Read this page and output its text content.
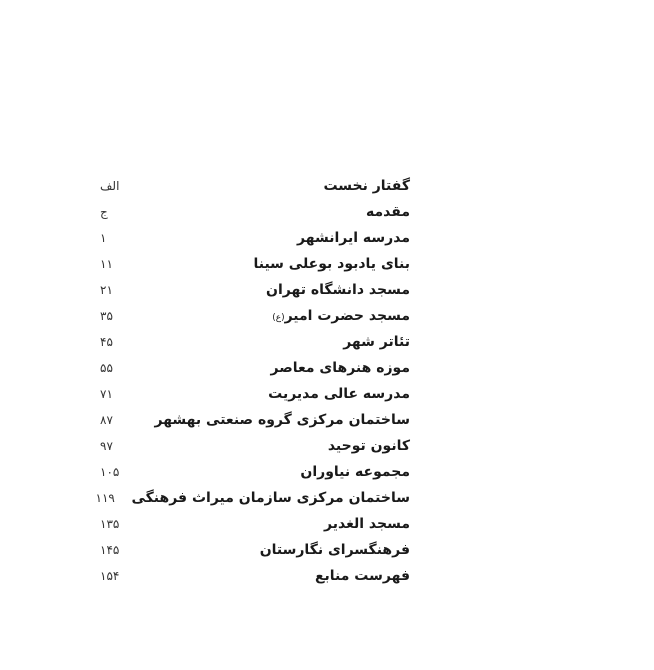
گفتار نخست
الف
مقدمه
ج
مدرسه ایرانشهر
۱
بنای یادبود بوعلی سینا
۱۱
مسجد دانشگاه تهران
۲۱
مسجد حضرت امیر(ع)
۳۵
تئاتر شهر
۴۵
موزه هنرهای معاصر
۵۵
مدرسه عالی مدیریت
۷۱
ساختمان مرکزی گروه صنعتی بهشهر
۸۷
کانون توحید
۹۷
مجموعه نیاوران
۱۰۵
ساختمان مرکزی سازمان میراث فرهنگی
۱۱۹
مسجد الغدیر
۱۳۵
فرهنگسرای نگارستان
۱۴۵
فهرست منابع
۱۵۴
